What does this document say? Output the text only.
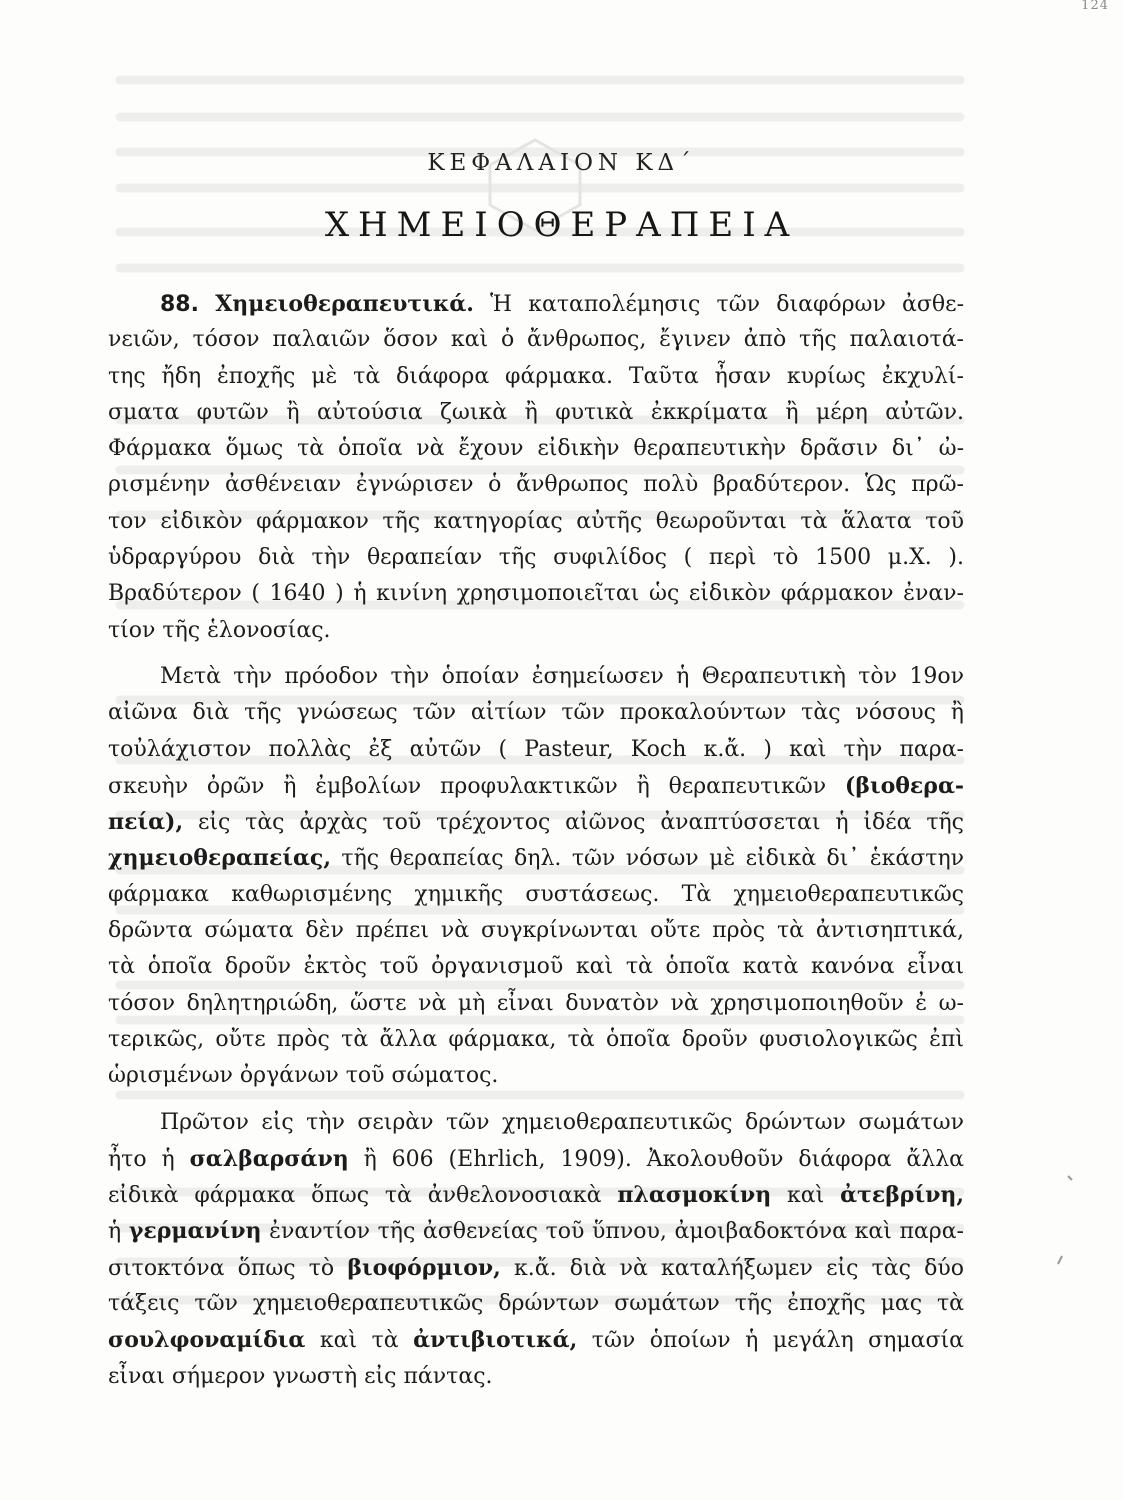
124
ΚΕΦΑΛΑΙΟΝ ΚΔ΄
ΧΗΜΕΙΟΘΕΡΑΠΕΙΑ
88. Χημειοθεραπευτικά. Ἡ καταπολέμησις τῶν διαφόρων ἀσθε-
νειῶν, τόσον παλαιῶν ὅσον καὶ ὁ ἄνθρωπος, ἔγινεν ἀπὸ τῆς παλαιοτά-
της ἤδη ἐποχῆς μὲ τὰ διάφορα φάρμακα. Ταῦτα ἦσαν κυρίως ἐκχυλί-
σματα φυτῶν ἢ αὐτούσια ζωικὰ ἢ φυτικὰ ἐκκρίματα ἢ μέρη αὐτῶν.
Φάρμακα ὅμως τὰ ὁποῖα νὰ ἔχουν εἰδικὴν θεραπευτικὴν δρᾶσιν δι᾽ ὠ-
ρισμένην ἀσθένειαν ἐγνώρισεν ὁ ἄνθρωπος πολὺ βραδύτερον. Ὡς πρῶ-
τον εἰδικὸν φάρμακον τῆς κατηγορίας αὐτῆς θεωροῦνται τὰ ἅλατα τοῦ
ὑδραργύρου διὰ τὴν θεραπείαν τῆς συφιλίδος ( περὶ τὸ 1500 μ.Χ. ).
Βραδύτερον ( 1640 ) ἡ κινίνη χρησιμοποιεῖται ὡς εἰδικὸν φάρμακον ἐναν-
τίον τῆς ἑλονοσίας.
Μετὰ τὴν πρόοδον τὴν ὁποίαν ἐσημείωσεν ἡ Θεραπευτικὴ τὸν 19ον
αἰῶνα διὰ τῆς γνώσεως τῶν αἰτίων τῶν προκαλούντων τὰς νόσους ἢ
τοὐλάχιστον πολλὰς ἐξ αὐτῶν ( Pasteur, Koch κ.ἄ. ) καὶ τὴν παρα-
σκευὴν ὀρῶν ἢ ἐμβολίων προφυλακτικῶν ἢ θεραπευτικῶν (βιοθερα-
πεία), εἰς τὰς ἀρχὰς τοῦ τρέχοντος αἰῶνος ἀναπτύσσεται ἡ ἰδέα τῆς
χημειοθεραπείας, τῆς θεραπείας δηλ. τῶν νόσων μὲ εἰδικὰ δι᾽ ἑκάστην
φάρμακα καθωρισμένης χημικῆς συστάσεως. Τὰ χημειοθεραπευτικῶς
δρῶντα σώματα δὲν πρέπει νὰ συγκρίνωνται οὔτε πρὸς τὰ ἀντισηπτικά,
τὰ ὁποῖα δροῦν ἐκτὸς τοῦ ὀργανισμοῦ καὶ τὰ ὁποῖα κατὰ κανόνα εἶναι
τόσον δηλητηριώδη, ὥστε νὰ μὴ εἶναι δυνατὸν νὰ χρησιμοποιηθοῦν ἐ ω-
τερικῶς, οὔτε πρὸς τὰ ἄλλα φάρμακα, τὰ ὁποῖα δροῦν φυσιολογικῶς ἐπὶ
ὡρισμένων ὀργάνων τοῦ σώματος.
Πρῶτον εἰς τὴν σειρὰν τῶν χημειοθεραπευτικῶς δρώντων σωμάτων
ἦτο ἡ σαλβαρσάνη ἢ 606 (Ehrlich, 1909). Ἀκολουθοῦν διάφορα ἄλλα
εἰδικὰ φάρμακα ὅπως τὰ ἀνθελονοσιακὰ πλασμοκίνη καὶ ἀτεβρίνη,
ἡ γερμανίνη ἐναντίον τῆς ἀσθενείας τοῦ ὕπνου, ἀμοιβαδοκτόνα καὶ παρα-
σιτοκτόνα ὅπως τὸ βιοφόρμιον, κ.ἄ. διὰ νὰ καταλήξωμεν εἰς τὰς δύο
τάξεις τῶν χημειοθεραπευτικῶς δρώντων σωμάτων τῆς ἐποχῆς μας τὰ
σουλφοναμίδια καὶ τὰ ἀντιβιοτικά, τῶν ὁποίων ἡ μεγάλη σημασία
εἶναι σήμερον γνωστὴ εἰς πάντας.
